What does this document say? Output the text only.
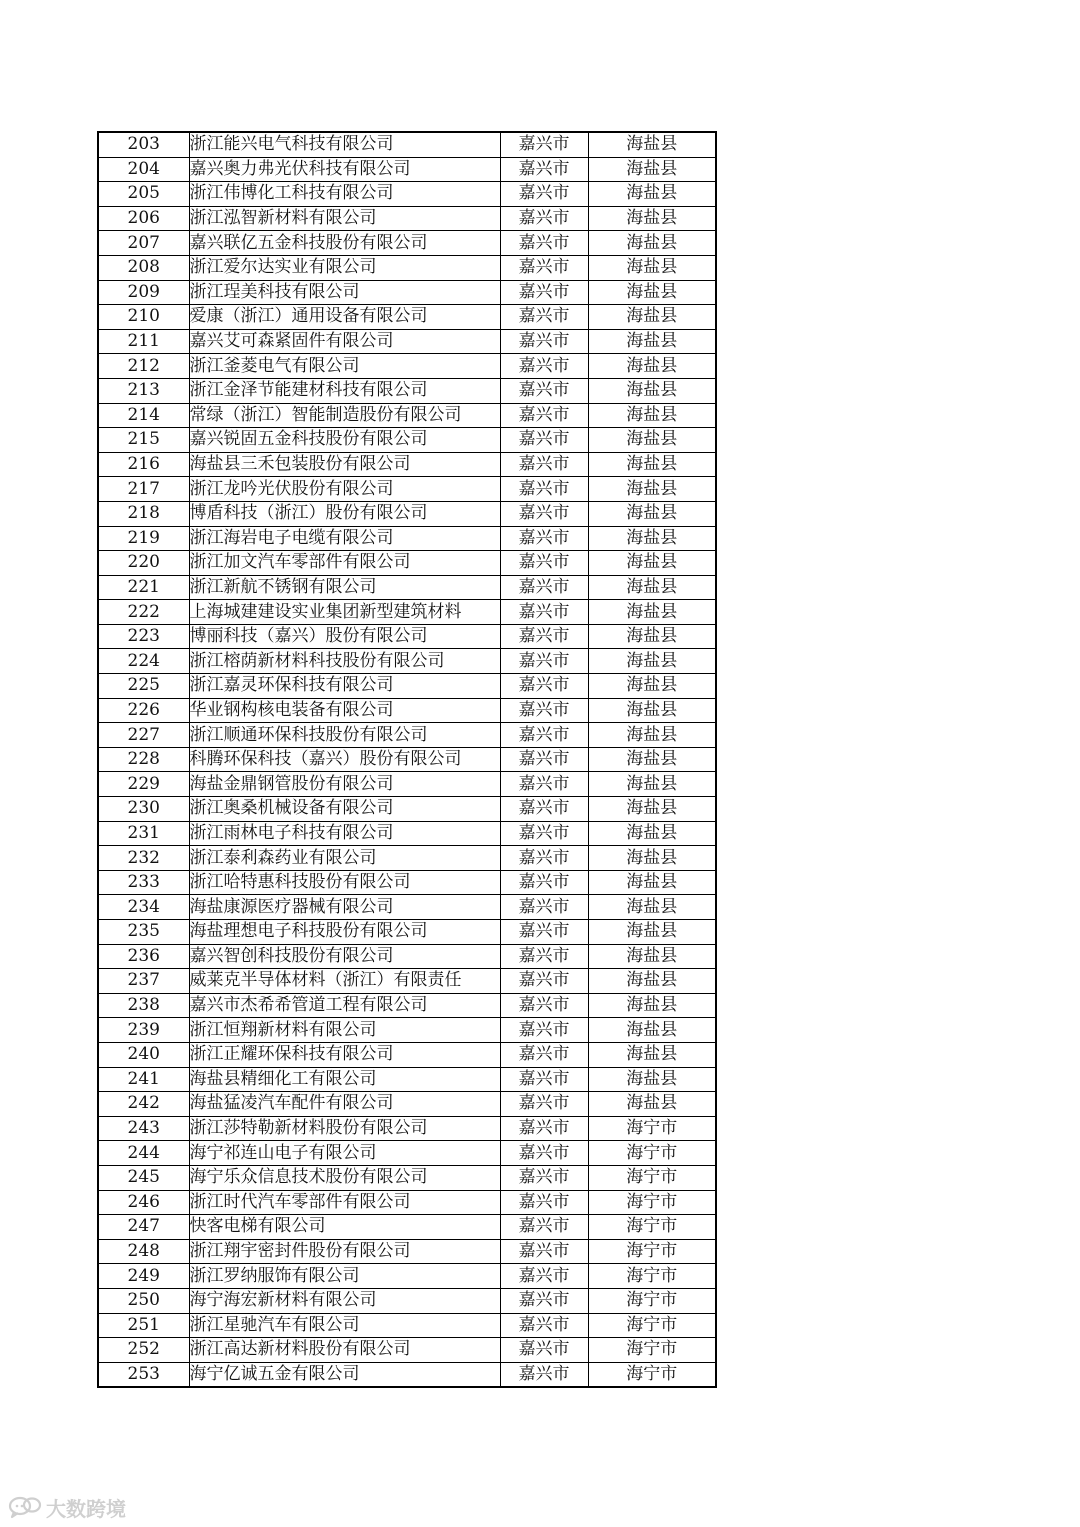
203	浙江能兴电气科技有限公司	嘉兴市	海盐县
204	嘉兴奥力弗光伏科技有限公司	嘉兴市	海盐县
205	浙江伟博化工科技有限公司	嘉兴市	海盐县
206	浙江泓智新材料有限公司	嘉兴市	海盐县
207	嘉兴联亿五金科技股份有限公司	嘉兴市	海盐县
208	浙江爱尔达实业有限公司	嘉兴市	海盐县
209	浙江珵美科技有限公司	嘉兴市	海盐县
210	爱康（浙江）通用设备有限公司	嘉兴市	海盐县
211	嘉兴艾可森紧固件有限公司	嘉兴市	海盐县
212	浙江釜菱电气有限公司	嘉兴市	海盐县
213	浙江金泽节能建材科技有限公司	嘉兴市	海盐县
214	常绿（浙江）智能制造股份有限公司	嘉兴市	海盐县
215	嘉兴锐固五金科技股份有限公司	嘉兴市	海盐县
216	海盐县三禾包装股份有限公司	嘉兴市	海盐县
217	浙江龙吟光伏股份有限公司	嘉兴市	海盐县
218	博盾科技（浙江）股份有限公司	嘉兴市	海盐县
219	浙江海岩电子电缆有限公司	嘉兴市	海盐县
220	浙江加文汽车零部件有限公司	嘉兴市	海盐县
221	浙江新航不锈钢有限公司	嘉兴市	海盐县
222	上海城建建设实业集团新型建筑材料	嘉兴市	海盐县
223	博丽科技（嘉兴）股份有限公司	嘉兴市	海盐县
224	浙江榕荫新材料科技股份有限公司	嘉兴市	海盐县
225	浙江嘉灵环保科技有限公司	嘉兴市	海盐县
226	华业钢构核电装备有限公司	嘉兴市	海盐县
227	浙江顺通环保科技股份有限公司	嘉兴市	海盐县
228	科腾环保科技（嘉兴）股份有限公司	嘉兴市	海盐县
229	海盐金鼎钢管股份有限公司	嘉兴市	海盐县
230	浙江奥桑机械设备有限公司	嘉兴市	海盐县
231	浙江雨林电子科技有限公司	嘉兴市	海盐县
232	浙江泰利森药业有限公司	嘉兴市	海盐县
233	浙江哈特惠科技股份有限公司	嘉兴市	海盐县
234	海盐康源医疗器械有限公司	嘉兴市	海盐县
235	海盐理想电子科技股份有限公司	嘉兴市	海盐县
236	嘉兴智创科技股份有限公司	嘉兴市	海盐县
237	威莱克半导体材料（浙江）有限责任	嘉兴市	海盐县
238	嘉兴市杰希希管道工程有限公司	嘉兴市	海盐县
239	浙江恒翔新材料有限公司	嘉兴市	海盐县
240	浙江正耀环保科技有限公司	嘉兴市	海盐县
241	海盐县精细化工有限公司	嘉兴市	海盐县
242	海盐猛凌汽车配件有限公司	嘉兴市	海盐县
243	浙江莎特勒新材料股份有限公司	嘉兴市	海宁市
244	海宁祁连山电子有限公司	嘉兴市	海宁市
245	海宁乐众信息技术股份有限公司	嘉兴市	海宁市
246	浙江时代汽车零部件有限公司	嘉兴市	海宁市
247	快客电梯有限公司	嘉兴市	海宁市
248	浙江翔宇密封件股份有限公司	嘉兴市	海宁市
249	浙江罗纳服饰有限公司	嘉兴市	海宁市
250	海宁海宏新材料有限公司	嘉兴市	海宁市
251	浙江星驰汽车有限公司	嘉兴市	海宁市
252	浙江高达新材料股份有限公司	嘉兴市	海宁市
253	海宁亿诚五金有限公司	嘉兴市	海宁市
大数跨境
